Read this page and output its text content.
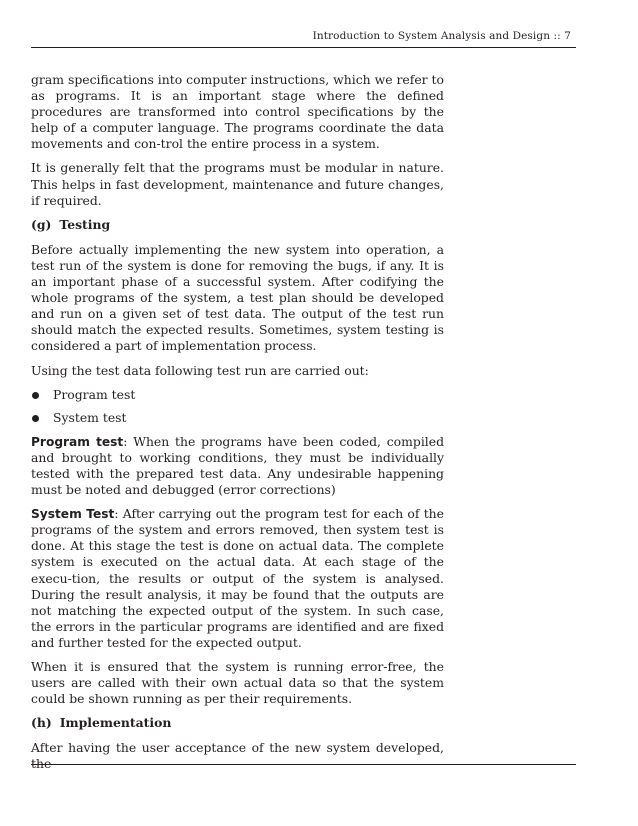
Introduction to System Analysis and Design :: 7

gram specifications into computer instructions, which we refer to as programs. It is an important stage where the defined procedures are transformed into control specifications by the help of a computer language. The programs coordinate the data movements and con-trol the entire process in a system.

It is generally felt that the programs must be modular in nature. This helps in fast development, maintenance and future changes, if required.

(g) Testing

Before actually implementing the new system into operation, a test run of the system is done for removing the bugs, if any. It is an important phase of a successful system. After codifying the whole programs of the system, a test plan should be developed and run on a given set of test data. The output of the test run should match the expected results. Sometimes, system testing is considered a part of implementation process.

Using the test data following test run are carried out:

Program test
System test

Program test: When the programs have been coded, compiled and brought to working conditions, they must be individually tested with the prepared test data. Any undesirable happening must be noted and debugged (error corrections)

System Test: After carrying out the program test for each of the programs of the system and errors removed, then system test is done. At this stage the test is done on actual data. The complete system is executed on the actual data. At each stage of the execu-tion, the results or output of the system is analysed. During the result analysis, it may be found that the outputs are not matching the expected output of the system. In such case, the errors in the particular programs are identified and are fixed and further tested for the expected output.

When it is ensured that the system is running error-free, the users are called with their own actual data so that the system could be shown running as per their requirements.

(h) Implementation

After having the user acceptance of the new system developed, the
